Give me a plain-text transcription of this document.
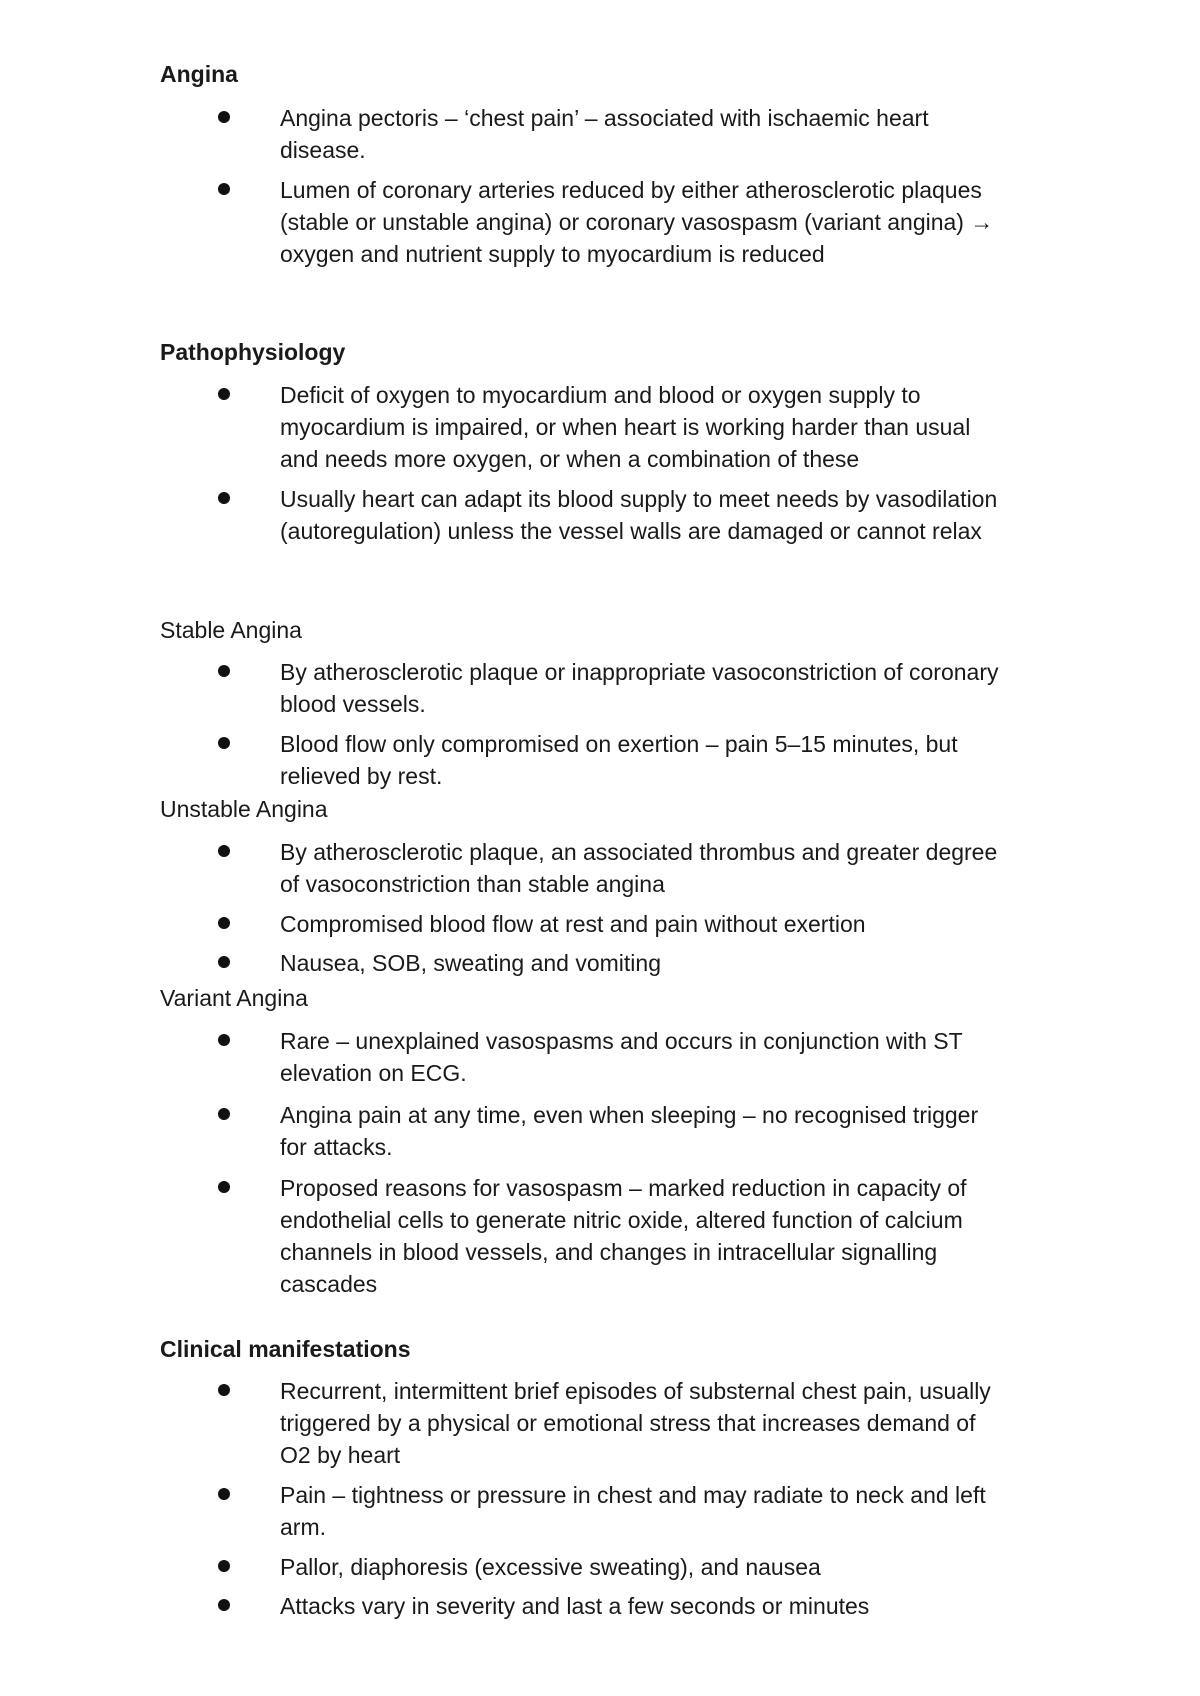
Angina

Angina pectoris – ‘chest pain’ – associated with ischaemic heart disease.

Lumen of coronary arteries reduced by either atherosclerotic plaques (stable or unstable angina) or coronary vasospasm (variant angina) → oxygen and nutrient supply to myocardium is reduced

Pathophysiology

Deficit of oxygen to myocardium and blood or oxygen supply to myocardium is impaired, or when heart is working harder than usual and needs more oxygen, or when a combination of these

Usually heart can adapt its blood supply to meet needs by vasodilation (autoregulation) unless the vessel walls are damaged or cannot relax

Stable Angina

By atherosclerotic plaque or inappropriate vasoconstriction of coronary blood vessels.

Blood flow only compromised on exertion – pain 5–15 minutes, but relieved by rest.

Unstable Angina

By atherosclerotic plaque, an associated thrombus and greater degree of vasoconstriction than stable angina

Compromised blood flow at rest and pain without exertion

Nausea, SOB, sweating and vomiting

Variant Angina

Rare – unexplained vasospasms and occurs in conjunction with ST elevation on ECG.

Angina pain at any time, even when sleeping – no recognised trigger for attacks.

Proposed reasons for vasospasm – marked reduction in capacity of endothelial cells to generate nitric oxide, altered function of calcium channels in blood vessels, and changes in intracellular signalling cascades

Clinical manifestations

Recurrent, intermittent brief episodes of substernal chest pain, usually triggered by a physical or emotional stress that increases demand of O2 by heart

Pain – tightness or pressure in chest and may radiate to neck and left arm.

Pallor, diaphoresis (excessive sweating), and nausea

Attacks vary in severity and last a few seconds or minutes
